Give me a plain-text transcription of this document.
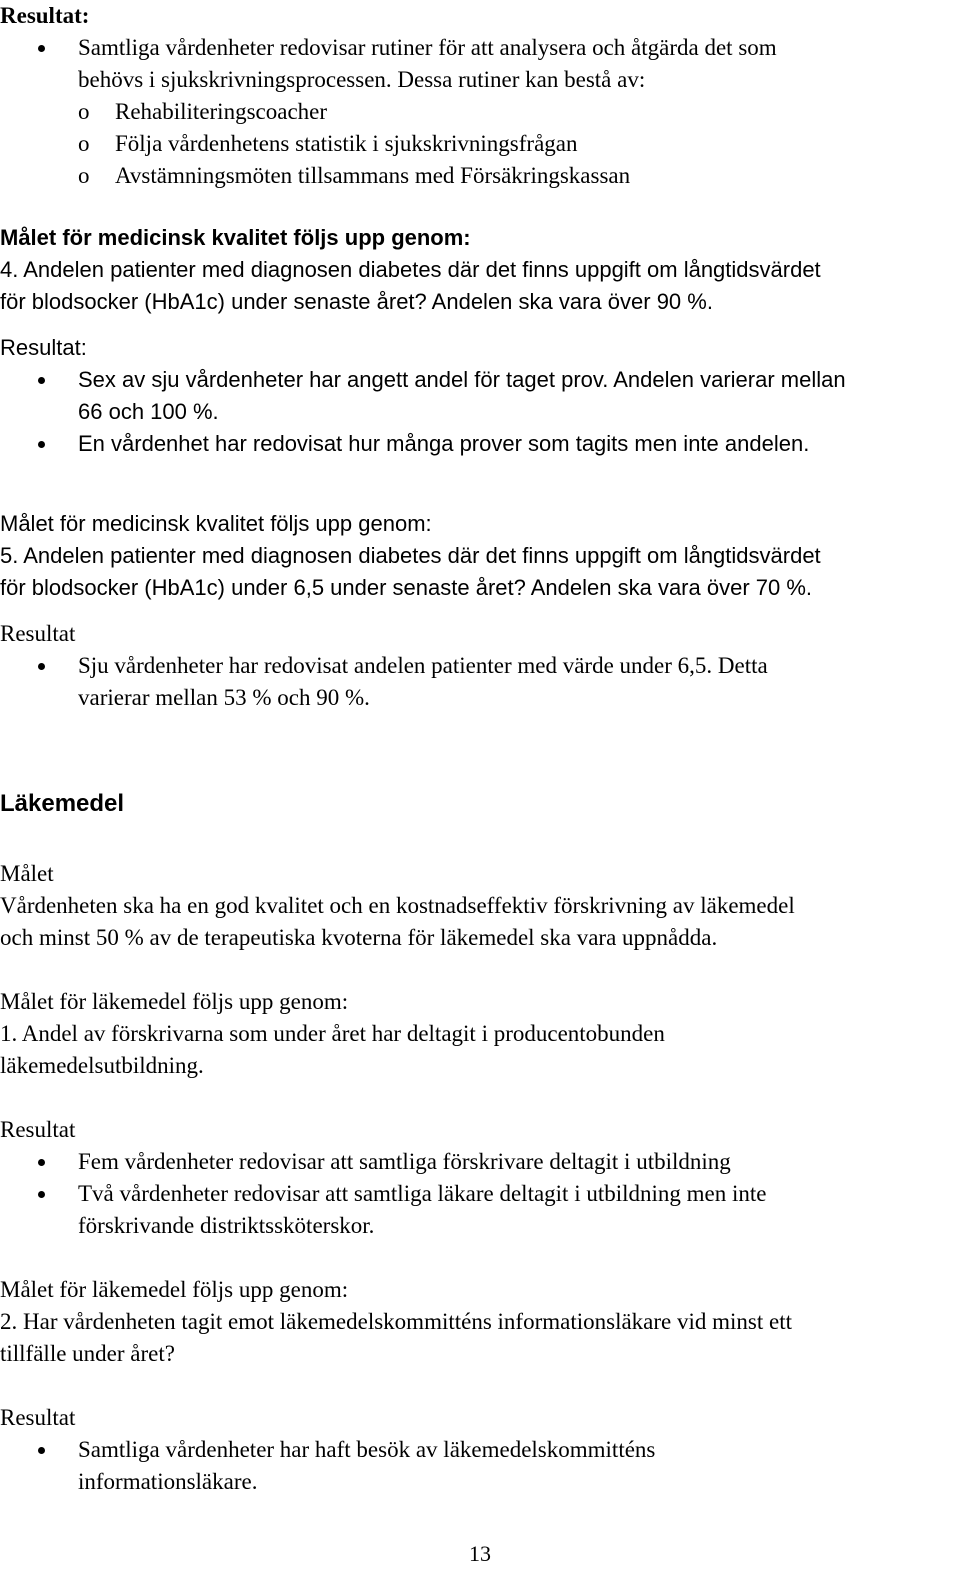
Resultat:
Samtliga vårdenheter redovisar rutiner för att analysera och åtgärda det som
behövs i sjukskrivningsprocessen. Dessa rutiner kan bestå av:
o Rehabiliteringscoacher
o Följa vårdenhetens statistik i sjukskrivningsfrågan
o Avstämningsmöten tillsammans med Försäkringskassan
Målet för medicinsk kvalitet följs upp genom:
4. Andelen patienter med diagnosen diabetes där det finns uppgift om långtidsvärdet
för blodsocker (HbA1c) under senaste året? Andelen ska vara över 90 %.
Resultat:
Sex av sju vårdenheter har angett andel för taget prov. Andelen varierar mellan
66 och 100 %.
En vårdenhet har redovisat hur många prover som tagits men inte andelen.
Målet för medicinsk kvalitet följs upp genom:
5. Andelen patienter med diagnosen diabetes där det finns uppgift om långtidsvärdet
för blodsocker (HbA1c) under 6,5 under senaste året? Andelen ska vara över 70 %.
Resultat
Sju vårdenheter har redovisat andelen patienter med värde under 6,5. Detta
varierar mellan 53 % och 90 %.
Läkemedel
Målet
Vårdenheten ska ha en god kvalitet och en kostnadseffektiv förskrivning av läkemedel
och minst 50 % av de terapeutiska kvoterna för läkemedel ska vara uppnådda.
Målet för läkemedel följs upp genom:
1. Andel av förskrivarna som under året har deltagit i producentobunden
läkemedelsutbildning.
Resultat
Fem vårdenheter redovisar att samtliga förskrivare deltagit i utbildning
Två vårdenheter redovisar att samtliga läkare deltagit i utbildning men inte
förskrivande distriktssköterskor.
Målet för läkemedel följs upp genom:
2. Har vårdenheten tagit emot läkemedelskommitténs informationsläkare vid minst ett
tillfälle under året?
Resultat
Samtliga vårdenheter har haft besök av läkemedelskommitténs
informationsläkare.
13
